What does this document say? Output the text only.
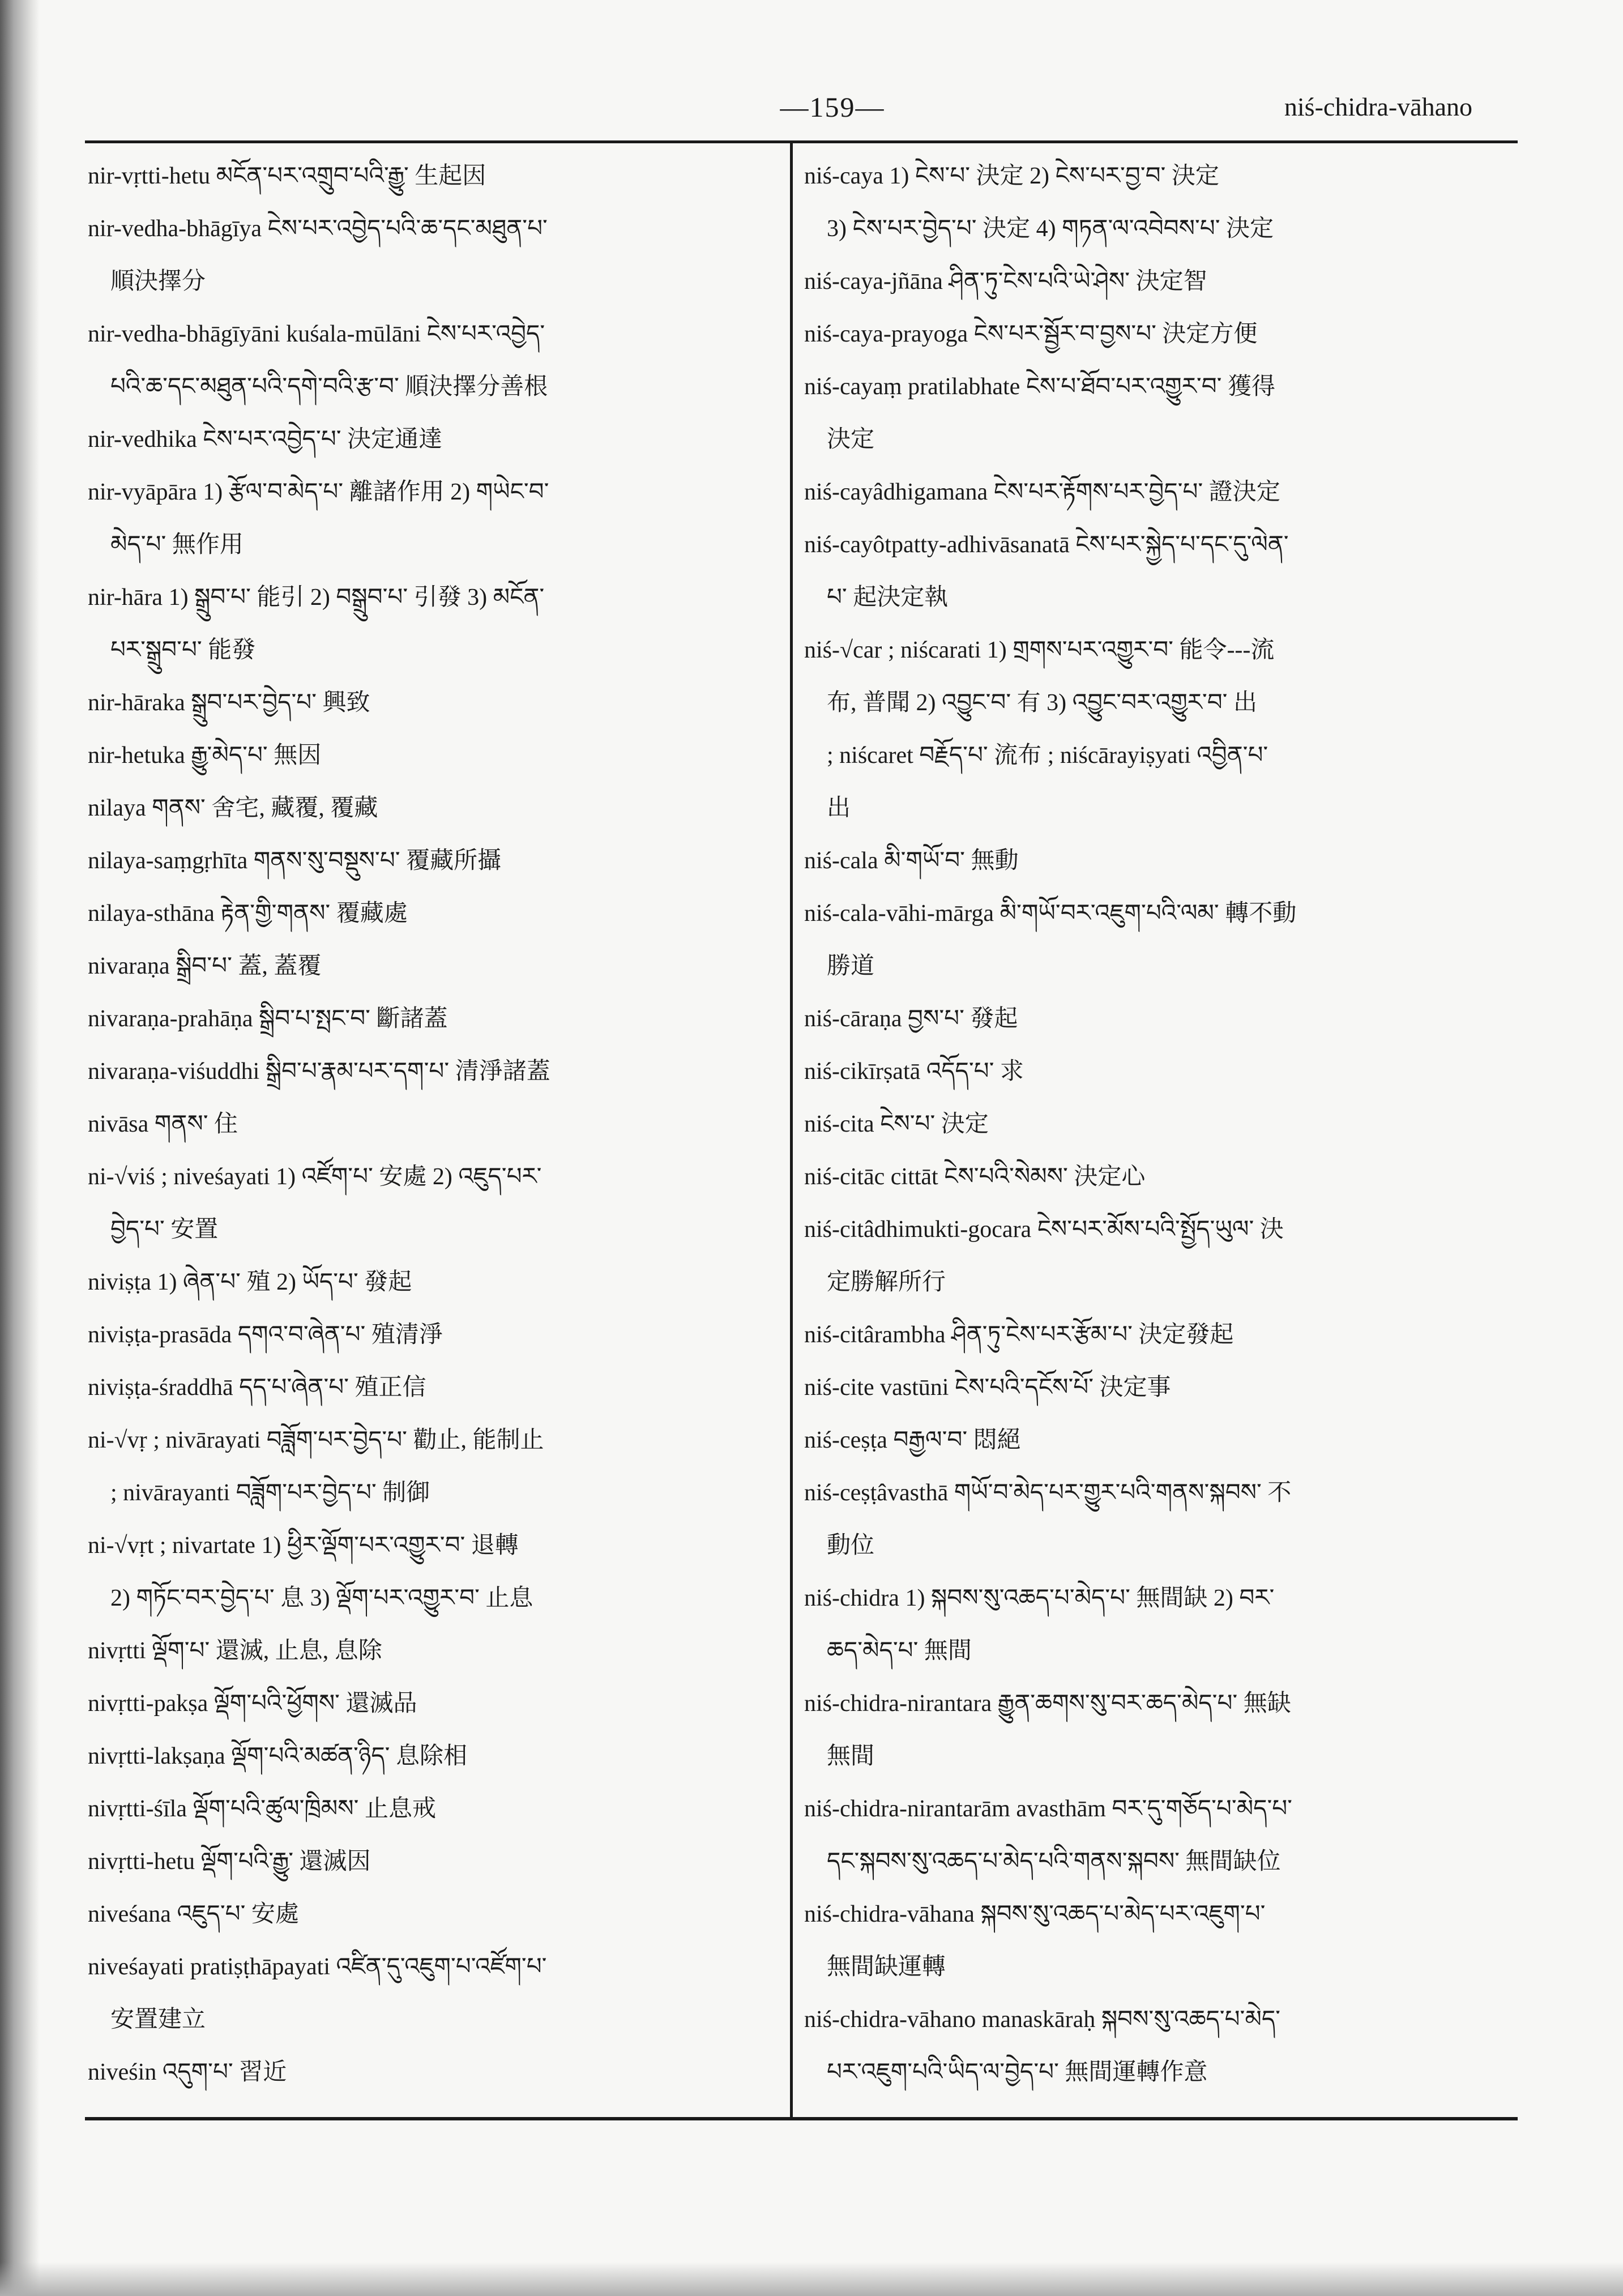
—159—	niś-chidra-vāhano
nir-vṛtti-hetu མངོན་པར་འགྲུབ་པའི་རྒྱུ་ 生起因
nir-vedha-bhāgīya ངེས་པར་འབྱེད་པའི་ཆ་དང་མཐུན་པ་
順決擇分
nir-vedha-bhāgīyāni kuśala-mūlāni ངེས་པར་འབྱེད་
པའི་ཆ་དང་མཐུན་པའི་དགེ་བའི་རྩ་བ་ 順決擇分善根
nir-vedhika ངེས་པར་འབྱེད་པ་ 決定通達
nir-vyāpāra 1) རྩོལ་བ་མེད་པ་ 離諸作用 2) གཡེང་བ་
མེད་པ་ 無作用
nir-hāra 1) སྒྲུབ་པ་ 能引 2) བསྒྲུབ་པ་ 引發 3) མངོན་
པར་སྒྲུབ་པ་ 能發
nir-hāraka སྒྲུབ་པར་བྱེད་པ་ 興致
nir-hetuka རྒྱུ་མེད་པ་ 無因
nilaya གནས་ 舍宅, 藏覆, 覆藏
nilaya-saṃgṛhīta གནས་སུ་བསྡུས་པ་ 覆藏所攝
nilaya-sthāna རྟེན་གྱི་གནས་ 覆藏處
nivaraṇa སྒྲིབ་པ་ 蓋, 蓋覆
nivaraṇa-prahāṇa སྒྲིབ་པ་སྤང་བ་ 斷諸蓋
nivaraṇa-viśuddhi སྒྲིབ་པ་རྣམ་པར་དག་པ་ 清淨諸蓋
nivāsa གནས་ 住
ni-√viś ; niveśayati 1) འཛོག་པ་ 安處 2) འཇུད་པར་
བྱེད་པ་ 安置
niviṣṭa 1) ཞེན་པ་ 殖 2) ཡོད་པ་ 發起
niviṣṭa-prasāda དགའ་བ་ཞེན་པ་ 殖清淨
niviṣṭa-śraddhā དད་པ་ཞེན་པ་ 殖正信
ni-√vṛ ; nivārayati བཟློག་པར་བྱེད་པ་ 勸止, 能制止
; nivārayanti བཟློག་པར་བྱེད་པ་ 制御
ni-√vṛt ; nivartate 1) ཕྱིར་ལྡོག་པར་འགྱུར་བ་ 退轉
2) གཏོང་བར་བྱེད་པ་ 息 3) ལྡོག་པར་འགྱུར་བ་ 止息
nivṛtti ལྡོག་པ་ 還滅, 止息, 息除
nivṛtti-pakṣa ལྡོག་པའི་ཕྱོགས་ 還滅品
nivṛtti-lakṣaṇa ལྡོག་པའི་མཚན་ཉིད་ 息除相
nivṛtti-śīla ལྡོག་པའི་ཚུལ་ཁྲིམས་ 止息戒
nivṛtti-hetu ལྡོག་པའི་རྒྱུ་ 還滅因
niveśana འཇུད་པ་ 安處
niveśayati pratiṣṭhāpayati འཛིན་དུ་འཇུག་པ་འཛོག་པ་
安置建立
niveśin འདུག་པ་ 習近
niś-caya 1) ངེས་པ་ 決定 2) ངེས་པར་བྱ་བ་ 決定
3) ངེས་པར་བྱེད་པ་ 決定 4) གཏན་ལ་འབེབས་པ་ 決定
niś-caya-jñāna ཤིན་ཏུ་ངེས་པའི་ཡེ་ཤེས་ 決定智
niś-caya-prayoga ངེས་པར་སྦྱོར་བ་བྱས་པ་ 決定方便
niś-cayaṃ pratilabhate ངེས་པ་ཐོབ་པར་འགྱུར་བ་ 獲得
決定
niś-cayâdhigamana ངེས་པར་རྟོགས་པར་བྱེད་པ་ 證決定
niś-cayôtpatty-adhivāsanatā ངེས་པར་སྐྱེད་པ་དང་དུ་ལེན་
པ་ 起決定執
niś-√car ; niścarati 1) གྲགས་པར་འགྱུར་བ་ 能令---流
布, 普聞 2) འབྱུང་བ་ 有 3) འབྱུང་བར་འགྱུར་བ་ 出
; niścaret བརྗོད་པ་ 流布 ; niścārayiṣyati འབྱིན་པ་
出
niś-cala མི་གཡོ་བ་ 無動
niś-cala-vāhi-mārga མི་གཡོ་བར་འཇུག་པའི་ལམ་ 轉不動
勝道
niś-cāraṇa བྱས་པ་ 發起
niś-cikīrṣatā འདོད་པ་ 求
niś-cita ངེས་པ་ 決定
niś-citāc cittāt ངེས་པའི་སེམས་ 決定心
niś-citâdhimukti-gocara ངེས་པར་མོས་པའི་སྤྱོད་ཡུལ་ 決
定勝解所行
niś-citârambha ཤིན་ཏུ་ངེས་པར་རྩོམ་པ་ 決定發起
niś-cite vastūni ངེས་པའི་དངོས་པོ་ 決定事
niś-ceṣṭa བརྒྱལ་བ་ 悶絕
niś-ceṣṭâvasthā གཡོ་བ་མེད་པར་གྱུར་པའི་གནས་སྐབས་ 不
動位
niś-chidra 1) སྐབས་སུ་འཆད་པ་མེད་པ་ 無間缺 2) བར་
ཆད་མེད་པ་ 無間
niś-chidra-nirantara རྒྱུན་ཆགས་སུ་བར་ཆད་མེད་པ་ 無缺
無間
niś-chidra-nirantarām avasthām བར་དུ་གཅོད་པ་མེད་པ་
དང་སྐབས་སུ་འཆད་པ་མེད་པའི་གནས་སྐབས་ 無間缺位
niś-chidra-vāhana སྐབས་སུ་འཆད་པ་མེད་པར་འཇུག་པ་
無間缺運轉
niś-chidra-vāhano manaskāraḥ སྐབས་སུ་འཆད་པ་མེད་
པར་འཇུག་པའི་ཡིད་ལ་བྱེད་པ་ 無間運轉作意
